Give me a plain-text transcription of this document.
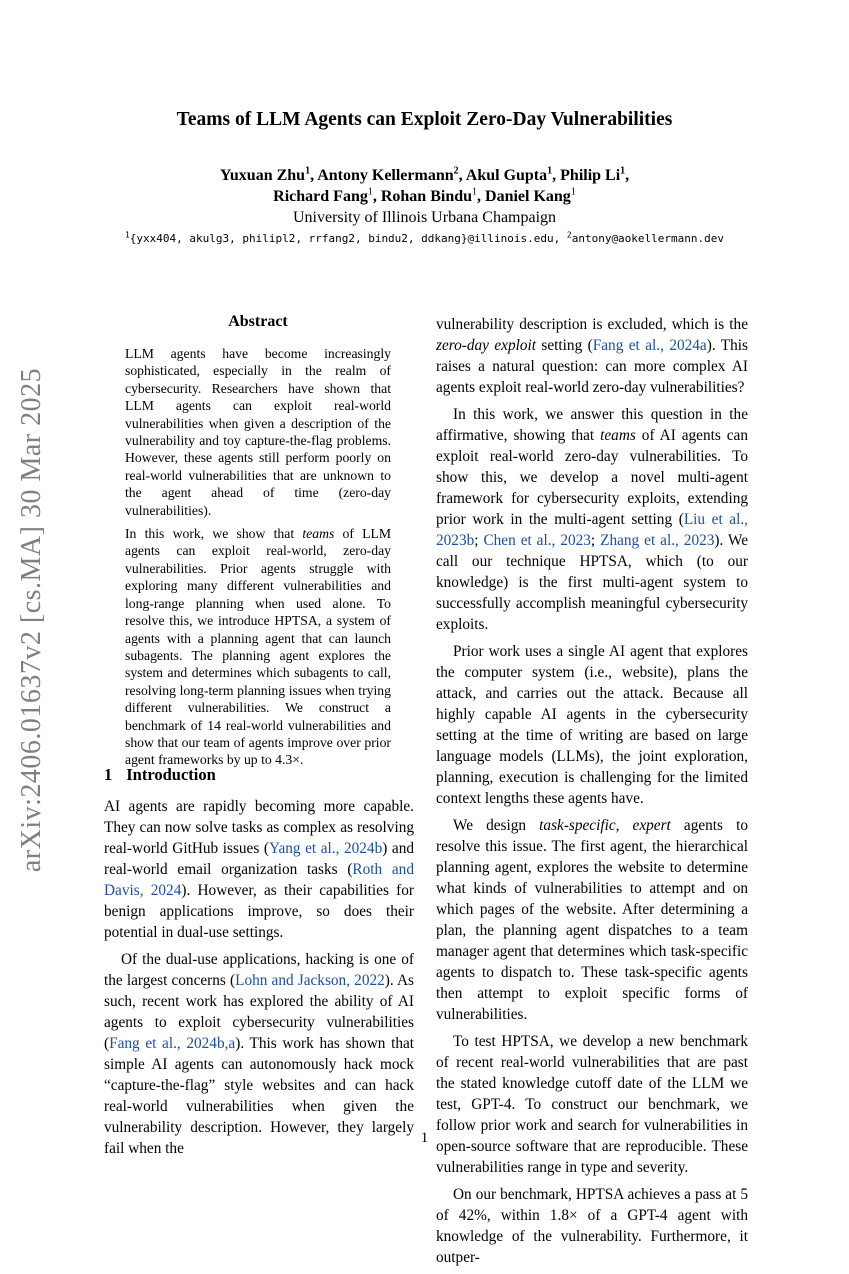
arXiv:2406.01637v2 [cs.MA] 30 Mar 2025
Teams of LLM Agents can Exploit Zero-Day Vulnerabilities
Yuxuan Zhu$^1$, Antony Kellermann$^2$, Akul Gupta$^1$, Philip Li$^1$,
Richard Fang$^1$, Rohan Bindu$^1$, Daniel Kang$^1$
University of Illinois Urbana Champaign
$^1${yxx404, akulg3, philipl2, rrfang2, bindu2, ddkang}@illinois.edu, $^2$antony@aokellermann.dev
Abstract

LLM agents have become increasingly sophisticated, especially in the realm of cybersecurity. Researchers have shown that LLM agents can exploit real-world vulnerabilities when given a description of the vulnerability and toy capture-the-flag problems. However, these agents still perform poorly on real-world vulnerabilities that are unknown to the agent ahead of time (zero-day vulnerabilities).

In this work, we show that teams of LLM agents can exploit real-world, zero-day vulnerabilities. Prior agents struggle with exploring many different vulnerabilities and long-range planning when used alone. To resolve this, we introduce HPTSA, a system of agents with a planning agent that can launch subagents. The planning agent explores the system and determines which subagents to call, resolving long-term planning issues when trying different vulnerabilities. We construct a benchmark of 14 real-world vulnerabilities and show that our team of agents improve over prior agent frameworks by up to 4.3×.

1 Introduction

AI agents are rapidly becoming more capable. They can now solve tasks as complex as resolving real-world GitHub issues (Yang et al., 2024b) and real-world email organization tasks (Roth and Davis, 2024). However, as their capabilities for benign applications improve, so does their potential in dual-use settings.

Of the dual-use applications, hacking is one of the largest concerns (Lohn and Jackson, 2022). As such, recent work has explored the ability of AI agents to exploit cybersecurity vulnerabilities (Fang et al., 2024b,a). This work has shown that simple AI agents can autonomously hack mock “capture-the-flag” style websites and can hack real-world vulnerabilities when given the vulnerability description. However, they largely fail when the

vulnerability description is excluded, which is the zero-day exploit setting (Fang et al., 2024a). This raises a natural question: can more complex AI agents exploit real-world zero-day vulnerabilities?

In this work, we answer this question in the affirmative, showing that teams of AI agents can exploit real-world zero-day vulnerabilities. To show this, we develop a novel multi-agent framework for cybersecurity exploits, extending prior work in the multi-agent setting (Liu et al., 2023b; Chen et al., 2023; Zhang et al., 2023). We call our technique HPTSA, which (to our knowledge) is the first multi-agent system to successfully accomplish meaningful cybersecurity exploits.

Prior work uses a single AI agent that explores the computer system (i.e., website), plans the attack, and carries out the attack. Because all highly capable AI agents in the cybersecurity setting at the time of writing are based on large language models (LLMs), the joint exploration, planning, execution is challenging for the limited context lengths these agents have.

We design task-specific, expert agents to resolve this issue. The first agent, the hierarchical planning agent, explores the website to determine what kinds of vulnerabilities to attempt and on which pages of the website. After determining a plan, the planning agent dispatches to a team manager agent that determines which task-specific agents to dispatch to. These task-specific agents then attempt to exploit specific forms of vulnerabilities.

To test HPTSA, we develop a new benchmark of recent real-world vulnerabilities that are past the stated knowledge cutoff date of the LLM we test, GPT-4. To construct our benchmark, we follow prior work and search for vulnerabilities in open-source software that are reproducible. These vulnerabilities range in type and severity.

On our benchmark, HPTSA achieves a pass at 5 of 42%, within 1.8× of a GPT-4 agent with knowledge of the vulnerability. Furthermore, it outper-

1
